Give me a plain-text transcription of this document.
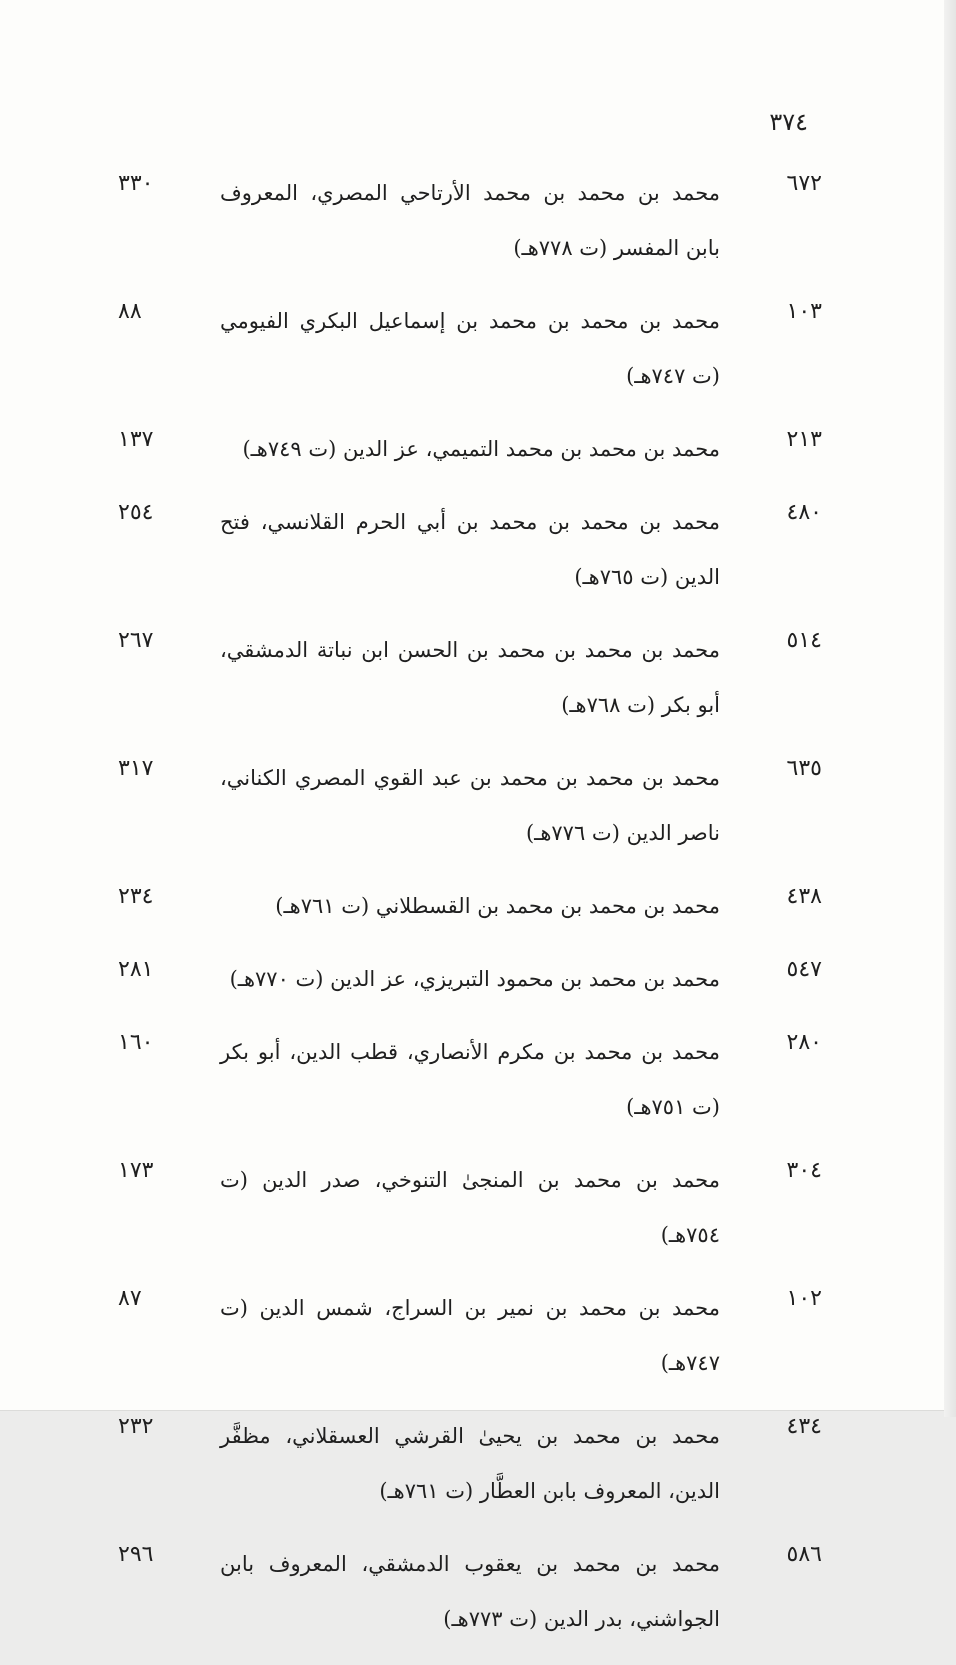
٣٧٤
٦٧٢
محمد بن محمد بن محمد الأرتاحي المصري، المعروف بابن المفسر (ت ٧٧٨هـ)
٣٣٠
١٠٣
محمد بن محمد بن محمد بن إسماعيل البكري الفيومي (ت ٧٤٧هـ)
٨٨
٢١٣
محمد بن محمد بن محمد التميمي، عز الدين (ت ٧٤٩هـ)
١٣٧
٤٨٠
محمد بن محمد بن محمد بن أبي الحرم القلانسي، فتح الدين (ت ٧٦٥هـ)
٢٥٤
٥١٤
محمد بن محمد بن محمد بن الحسن ابن نباتة الدمشقي، أبو بكر (ت ٧٦٨هـ)
٢٦٧
٦٣٥
محمد بن محمد بن محمد بن عبد القوي المصري الكناني، ناصر الدين (ت ٧٧٦هـ)
٣١٧
٤٣٨
محمد بن محمد بن محمد بن القسطلاني (ت ٧٦١هـ)
٢٣٤
٥٤٧
محمد بن محمد بن محمود التبريزي، عز الدين (ت ٧٧٠هـ)
٢٨١
٢٨٠
محمد بن محمد بن مكرم الأنصاري، قطب الدين، أبو بكر (ت ٧٥١هـ)
١٦٠
٣٠٤
محمد بن محمد بن المنجىٰ التنوخي، صدر الدين (ت ٧٥٤هـ)
١٧٣
١٠٢
محمد بن محمد بن نمير بن السراج، شمس الدين (ت ٧٤٧هـ)
٨٧
٤٣٤
محمد بن محمد بن يحيىٰ القرشي العسقلاني، مظفَّر الدين، المعروف بابن العطَّار (ت ٧٦١هـ)
٢٣٢
٥٨٦
محمد بن محمد بن يعقوب الدمشقي، المعروف بابن الجواشني، بدر الدين (ت ٧٧٣هـ)
٢٩٦
